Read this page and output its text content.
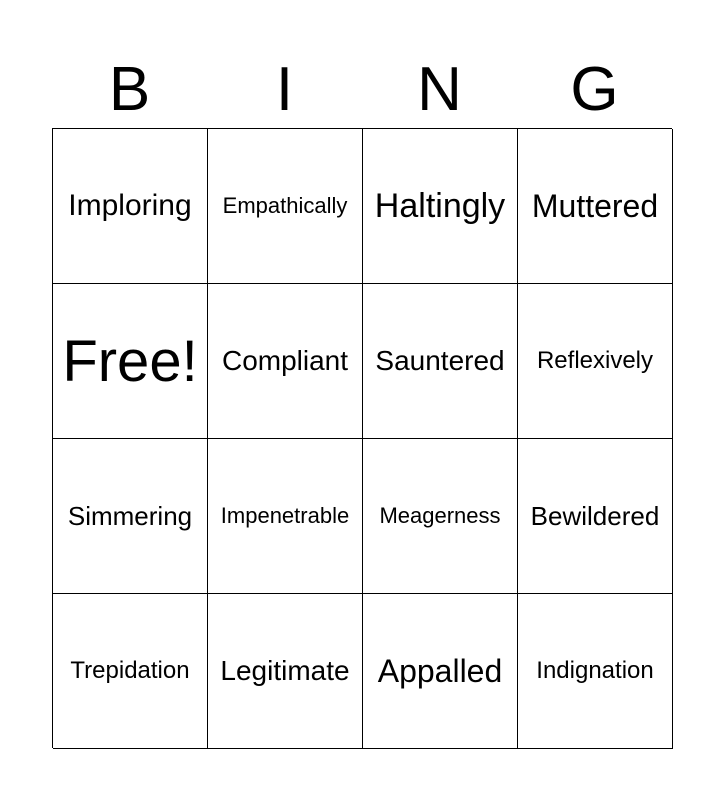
B	I	N	G
Imploring Empathically Haltingly Muttered
Free! Compliant Sauntered Reflexively
Simmering Impenetrable Meagerness Bewildered
Trepidation Legitimate Appalled Indignation
